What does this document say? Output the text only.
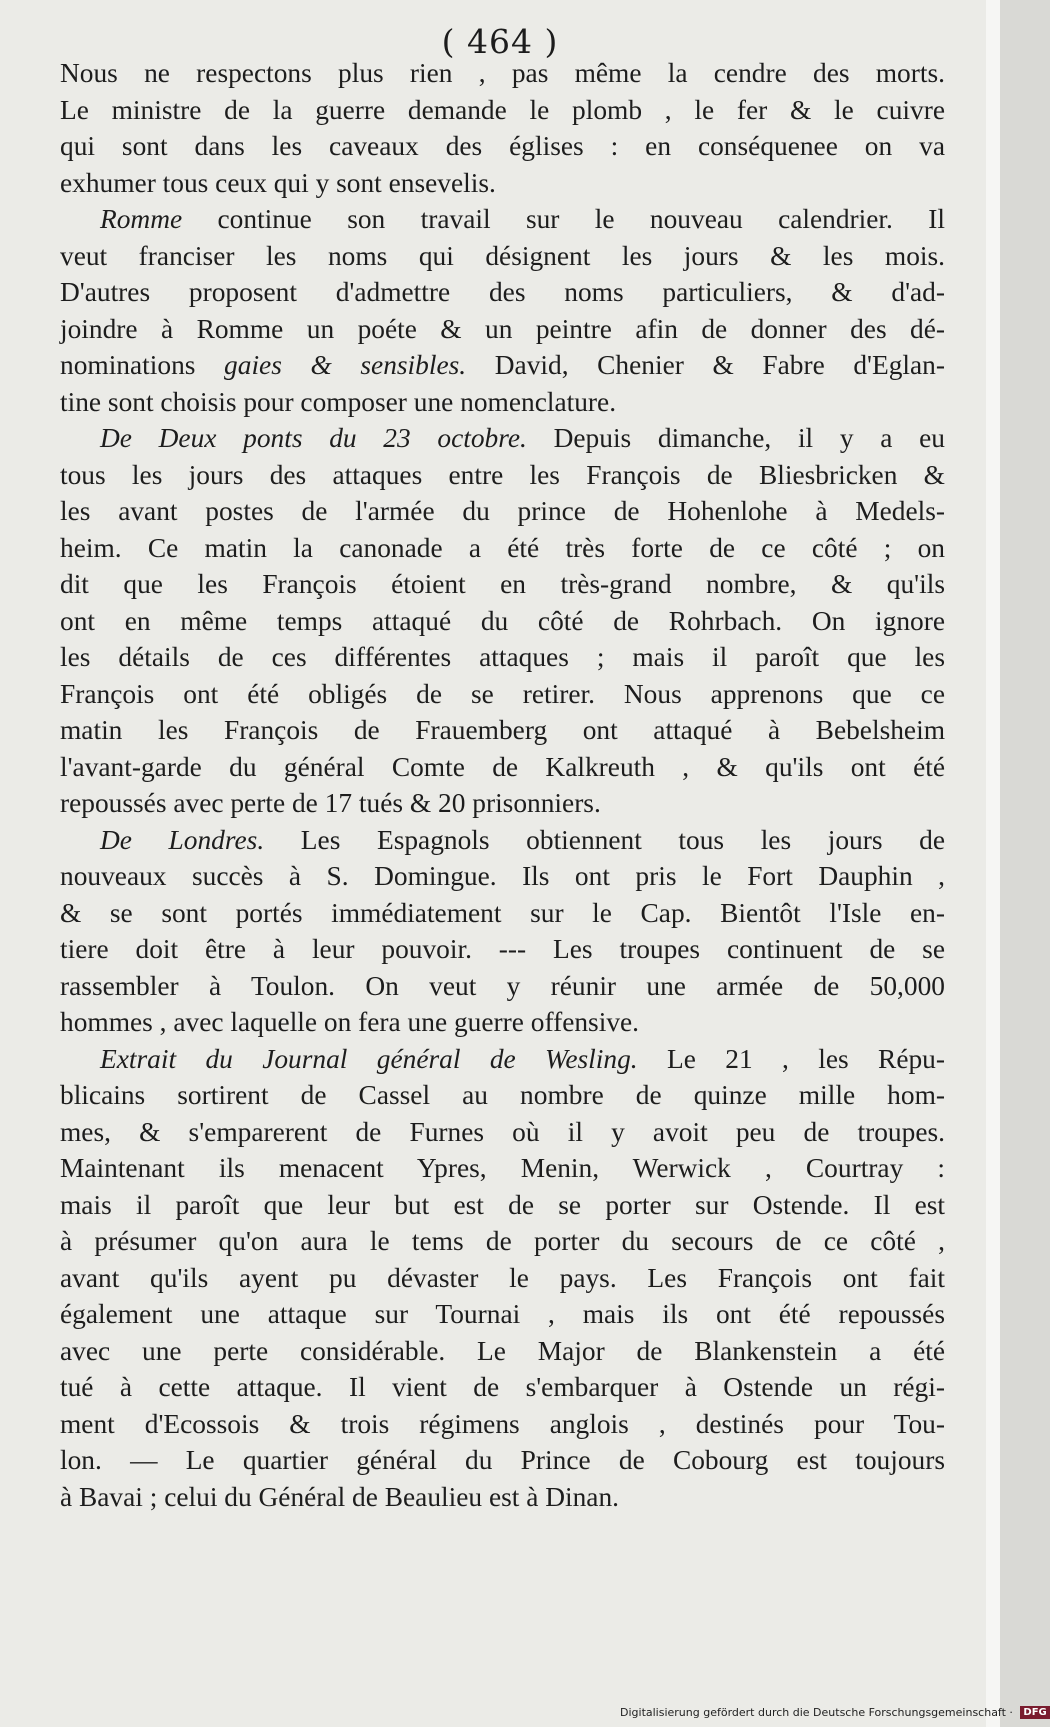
( 464 )
Nous ne respectons plus rien , pas même la cendre des morts.
Le ministre de la guerre demande le plomb , le fer & le cuivre
qui sont dans les caveaux des églises : en conséquenee on va
exhumer tous ceux qui y sont ensevelis.
Romme continue son travail sur le nouveau calendrier. Il
veut franciser les noms qui désignent les jours & les mois.
D'autres proposent d'admettre des noms particuliers, & d'ad-
joindre à Romme un poéte & un peintre afin de donner des dé-
nominations gaies & sensibles. David, Chenier & Fabre d'Eglan-
tine sont choisis pour composer une nomenclature.
De Deux ponts du 23 octobre. Depuis dimanche, il y a eu
tous les jours des attaques entre les François de Bliesbricken &
les avant postes de l'armée du prince de Hohenlohe à Medels-
heim. Ce matin la canonade a été très forte de ce côté ; on
dit que les François étoient en très-grand nombre, & qu'ils
ont en même temps attaqué du côté de Rohrbach. On ignore
les détails de ces différentes attaques ; mais il paroît que les
François ont été obligés de se retirer. Nous apprenons que ce
matin les François de Frauemberg ont attaqué à Bebelsheim
l'avant-garde du général Comte de Kalkreuth , & qu'ils ont été
repoussés avec perte de 17 tués & 20 prisonniers.
De Londres. Les Espagnols obtiennent tous les jours de
nouveaux succès à S. Domingue. Ils ont pris le Fort Dauphin ,
& se sont portés immédiatement sur le Cap. Bientôt l'Isle en-
tiere doit être à leur pouvoir. --- Les troupes continuent de se
rassembler à Toulon. On veut y réunir une armée de 50,000
hommes , avec laquelle on fera une guerre offensive.
Extrait du Journal général de Wesling. Le 21 , les Répu-
blicains sortirent de Cassel au nombre de quinze mille hom-
mes, & s'emparerent de Furnes où il y avoit peu de troupes.
Maintenant ils menacent Ypres, Menin, Werwick , Courtray :
mais il paroît que leur but est de se porter sur Ostende. Il est
à présumer qu'on aura le tems de porter du secours de ce côté ,
avant qu'ils ayent pu dévaster le pays. Les François ont fait
également une attaque sur Tournai , mais ils ont été repoussés
avec une perte considérable. Le Major de Blankenstein a été
tué à cette attaque. Il vient de s'embarquer à Ostende un régi-
ment d'Ecossois & trois régimens anglois , destinés pour Tou-
lon. — Le quartier général du Prince de Cobourg est toujours
à Bavai ; celui du Général de Beaulieu est à Dinan.
Digitalisierung gefördert durch die Deutsche Forschungsgemeinschaft · DFG
